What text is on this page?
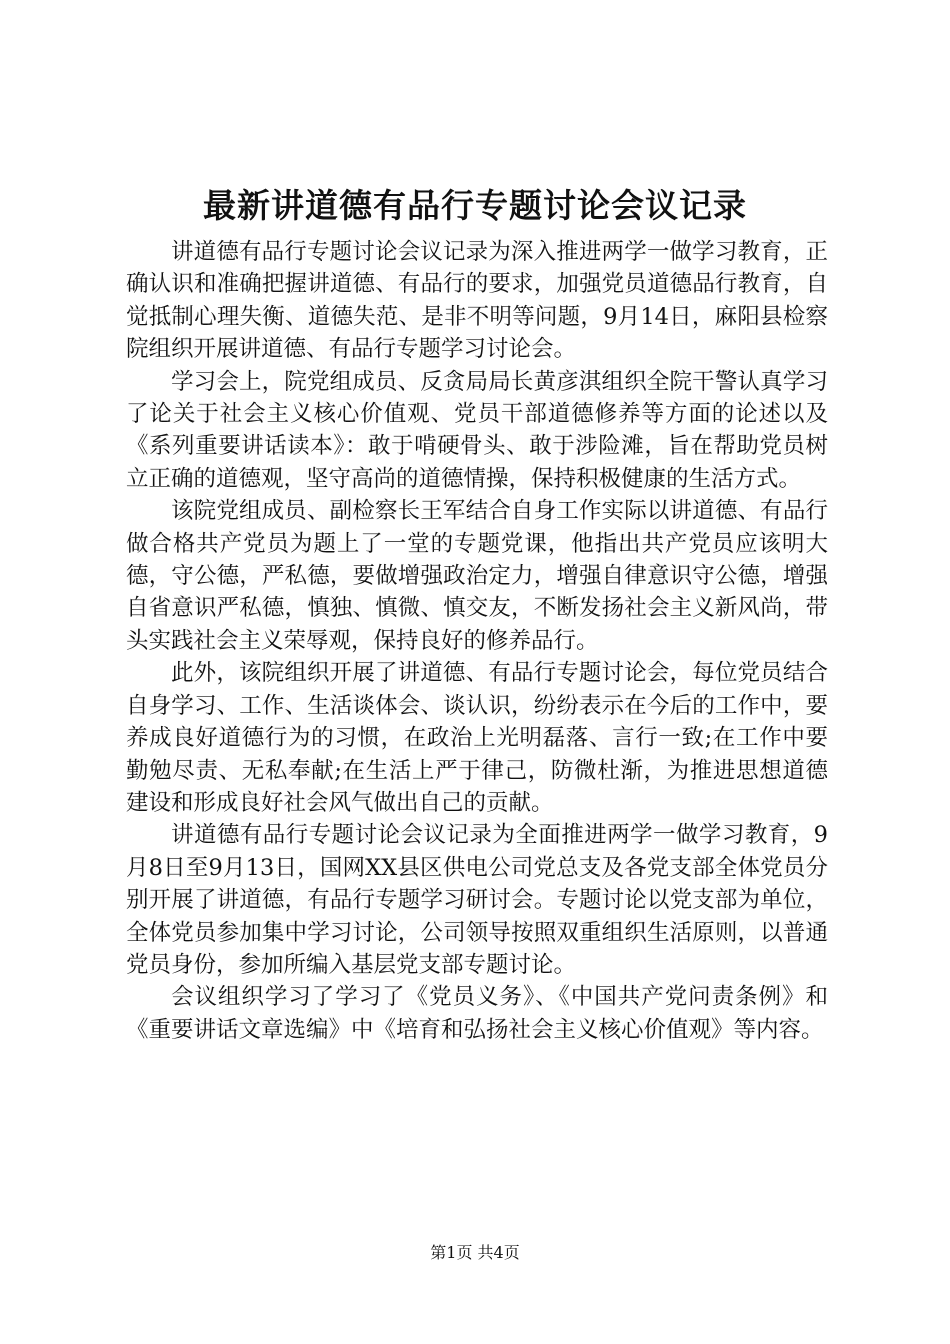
最新讲道德有品行专题讨论会议记录

讲道德有品行专题讨论会议记录为深入推进两学一做学习教育，正确认识和准确把握讲道德、有品行的要求，加强党员道德品行教育，自觉抵制心理失衡、道德失范、是非不明等问题，9月14日，麻阳县检察院组织开展讲道德、有品行专题学习讨论会。

学习会上，院党组成员、反贪局局长黄彦淇组织全院干警认真学习了论关于社会主义核心价值观、党员干部道德修养等方面的论述以及《系列重要讲话读本》：敢于啃硬骨头、敢于涉险滩，旨在帮助党员树立正确的道德观，坚守高尚的道德情操，保持积极健康的生活方式。

该院党组成员、副检察长王军结合自身工作实际以讲道德、有品行做合格共产党员为题上了一堂的专题党课，他指出共产党员应该明大德，守公德，严私德，要做增强政治定力，增强自律意识守公德，增强自省意识严私德，慎独、慎微、慎交友，不断发扬社会主义新风尚，带头实践社会主义荣辱观，保持良好的修养品行。

此外，该院组织开展了讲道德、有品行专题讨论会，每位党员结合自身学习、工作、生活谈体会、谈认识，纷纷表示在今后的工作中，要养成良好道德行为的习惯，在政治上光明磊落、言行一致;在工作中要勤勉尽责、无私奉献;在生活上严于律己，防微杜渐，为推进思想道德建设和形成良好社会风气做出自己的贡献。

讲道德有品行专题讨论会议记录为全面推进两学一做学习教育，9月8日至9月13日，国网XX县区供电公司党总支及各党支部全体党员分别开展了讲道德，有品行专题学习研讨会。专题讨论以党支部为单位，全体党员参加集中学习讨论，公司领导按照双重组织生活原则，以普通党员身份，参加所编入基层党支部专题讨论。

会议组织学习了学习了《党员义务》、《中国共产党问责条例》和《重要讲话文章选编》中《培育和弘扬社会主义核心价值观》等内容。

第1页 共4页
